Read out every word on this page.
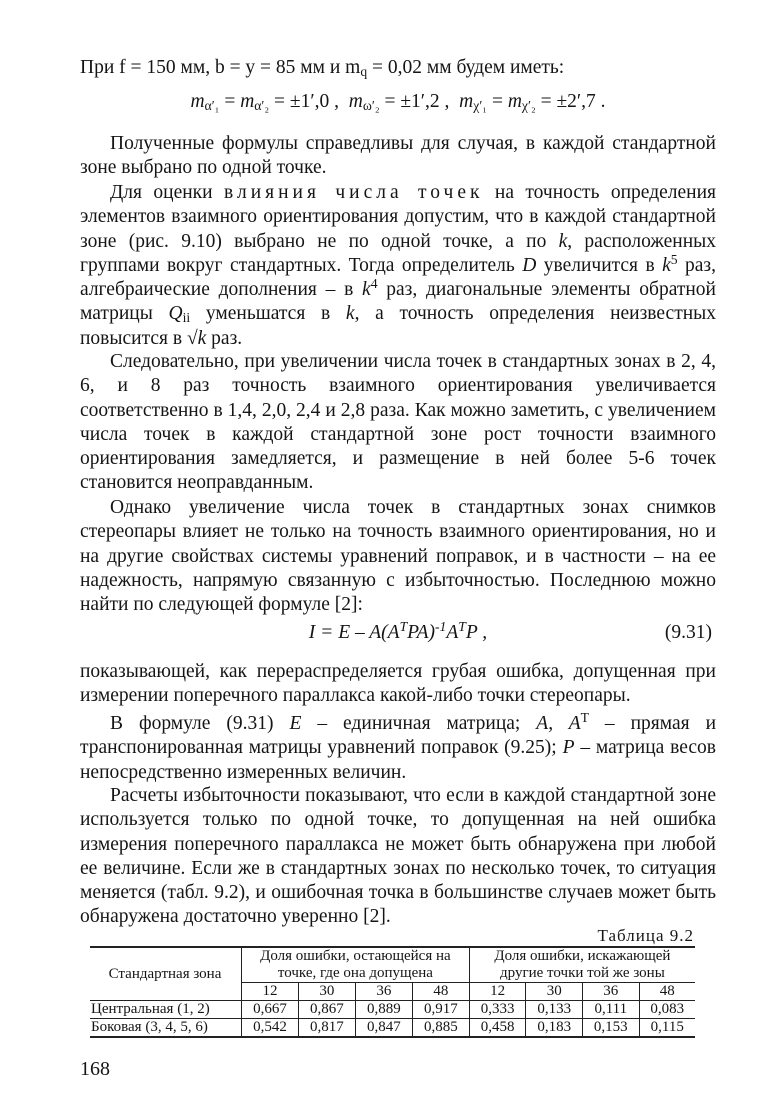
При f = 150 мм, b = y = 85 мм и $m_q = 0,02$ мм будем иметь:

$m_{\alpha'_1} = m_{\alpha'_2} = \pm 1',0$ , $m_{\omega'_2} = \pm 1',2$ , $m_{\chi'_1} = m_{\chi'_2} = \pm 2',7$ .

Полученные формулы справедливы для случая, в каждой стандартной зоне выбрано по одной точке.

Для оценки влияния числа точек на точность определения элементов взаимного ориентирования допустим, что в каждой стандартной зоне (рис. 9.10) выбрано не по одной точке, а по k, расположенных группами вокруг стандартных. Тогда определитель D увеличится в $k^5$ раз, алгебраические дополнения – в $k^4$ раз, диагональные элементы обратной матрицы $Q_{ii}$ уменьшатся в k, а точность определения неизвестных повысится в √k раз.

Следовательно, при увеличении числа точек в стандартных зонах в 2, 4, 6, и 8 раз точность взаимного ориентирования увеличивается соответственно в 1,4, 2,0, 2,4 и 2,8 раза. Как можно заметить, с увеличением числа точек в каждой стандартной зоне рост точности взаимного ориентирования замедляется, и размещение в ней более 5-6 точек становится неоправданным.

Однако увеличение числа точек в стандартных зонах снимков стереопары влияет не только на точность взаимного ориентирования, но и на другие свойствах системы уравнений поправок, и в частности – на ее надежность, напрямую связанную с избыточностью. Последнюю можно найти по следующей формуле [2]:

$I = E - A(A^TPA)^{-1}A^TP$ ,	(9.31)

показывающей, как перераспределяется грубая ошибка, допущенная при измерении поперечного параллакса какой-либо точки стереопары.

В формуле (9.31) E – единичная матрица; A, $A^T$ – прямая и транспонированная матрицы уравнений поправок (9.25); P – матрица весов непосредственно измеренных величин.

Расчеты избыточности показывают, что если в каждой стандартной зоне используется только по одной точке, то допущенная на ней ошибка измерения поперечного параллакса не может быть обнаружена при любой ее величине. Если же в стандартных зонах по несколько точек, то ситуация меняется (табл. 9.2), и ошибочная точка в большинстве случаев может быть обнаружена достаточно уверенно [2].

Таблица 9.2
Стандартная зона	Доля ошибки, остающейся на точке, где она допущена				Доля ошибки, искажающей другие точки той же зоны			
	12	30	36	48	12	30	36	48
Центральная (1, 2)	0,667	0,867	0,889	0,917	0,333	0,133	0,111	0,083
Боковая (3, 4, 5, 6)	0,542	0,817	0,847	0,885	0,458	0,183	0,153	0,115
168
